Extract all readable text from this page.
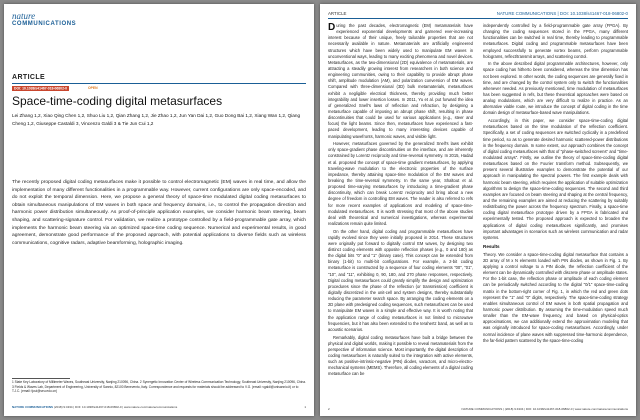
nature
COMMUNICATIONS
ARTICLE
DOI: 10.1038/s41467-018-06802-0	OPEN
Space-time-coding digital metasurfaces
Lei Zhang 1,2, Xiao Qing Chen 1,2, Shuo Liu 1,2, Qian Zhang 1,2, Jie Zhao 1,2, Jun Yan Dai 1,2, Guo Dong Bai 1,2, Xiang Wan 1,2, Qiang Cheng 1,2, Giuseppe Castaldi 3, Vincenzo Galdi 3 & Tie Jun Cui 1,2
The recently proposed digital coding metasurfaces make it possible to control electromagnetic (EM) waves in real time, and allow the implementation of many different functionalities in a programmable way. However, current configurations are only space-encoded, and do not exploit the temporal dimension. Here, we propose a general theory of space-time modulated digital coding metasurfaces to obtain simultaneous manipulations of EM waves in both space and frequency domains, i.e., to control the propagation direction and harmonic power distribution simultaneously. As proof-of-principle application examples, we consider harmonic beam steering, beam shaping, and scattering-signature control. For validation, we realize a prototype controlled by a field-programmable gate array, which implements the harmonic beam steering via an optimized space-time coding sequence. Numerical and experimental results, in good agreement, demonstrate good performance of the proposed approach, with potential applications to diverse fields such as wireless communications, cognitive radars, adaptive beamforming, holographic imaging.
1 State Key Laboratory of Millimeter Waves, Southeast University, Nanjing 210096, China. 2 Synergetic Innovation Center of Wireless Communication Technology, Southeast University, Nanjing 210096, China. 3 Fields & Waves Lab, Department of Engineering, University of Sannio, 82100 Benevento, Italy. Correspondence and requests for materials should be addressed to V.G. (email: vgaldi@unisannio.it) or to T.J.C. (email: tjcui@seu.edu.cn)
NATURE COMMUNICATIONS (2018) 9:4334 | DOI: 10.1038/s41467-018-06802-0 | www.nature.com/naturecommunications	1
ARTICLE	NATURE COMMUNICATIONS | DOI: 10.1038/s41467-018-06802-0

D uring the past decades, electromagnetic (EM) metamaterials have experienced exponential developments and garnered ever-increasing interest because of their unique, freely tailorable properties that are not necessarily available in nature. Metamaterials are artificially engineered structures which have been widely used to manipulate EM waves in unconventional ways, leading to many exciting phenomena and novel devices. Metasurfaces, as the two-dimensional (2D) equivalence of metamaterials, are attracting a steadily growing interest from researchers in both science and engineering communities, owing to their capability to provide abrupt phase shift, amplitude modulation (AM), and polarization conversion of EM waves. Compared with three-dimensional (3D) bulk metamaterials, metasurfaces exhibit a negligible electrical thickness, thereby providing much better integrability and lower insertion losses. In 2011, Yu et al. put forward the idea of generalized Snell's laws of reflection and refraction, by designing a metasurface capable of imposing an abrupt phase shift, resulting in phase discontinuities that could be used for various applications (e.g., steer and focus) the light beams. Since then, metasurfaces have experienced a fast-paced development, leading to many interesting devices capable of manipulating wavefronts, harmonic waves, and visible light.

However, metasurfaces governed by the generalized Snell's laws exhibit only space-gradient phase discontinuities on the interface, and are inherently constrained by Lorentz reciprocity and time-reversal symmetry. In 2015, Hadad et al. proposed the concept of space-time gradient metasurfaces, by applying traveling-wave modulation to the electronic properties of the surface impedance, thereby attaining space-time modulation of the EM waves and breaking the time-reversal symmetry. In the same year, Shaltout et al. proposed time-varying metasurfaces by introducing a time-gradient phase discontinuity, which can break Lorentz reciprocity and bring about a new degree of freedom in controlling EM waves. The reader is also referred to refs for more recent examples of applications and modeling of space-time-modulated metasurfaces. It is worth stressing that most of the above studies deal with theoretical and numerical investigations, whereas experimental realizations remain quite limited.

On the other hand, digital coding and programmable metasurfaces have rapidly evolved since they were initially proposed in 2014. These structures were originally put forward to digitally control EM waves, by designing two distinct coding elements with opposite reflection phases (e.g., 0 and 180) as the digital bits "0" and "1" (binary case). This concept can be extended from binary (1-bit) to multi-bit configurations. For example, a 2-bit coding metasurface is constructed by a sequence of four coding elements "00", "01", "10", and "11", exhibiting 0, 90, 180, and 270 phase responses, respectively. Digital coding metasurfaces could greatly simplify the design and optimization procedures since the phase of the reflection (or transmission) coefficient is digitally discretized in the unit-cell and system designs, thereby substantially reducing the parameter search space. By arranging the coding elements on a 2D plane with predesigned coding sequences, such metasurfaces can be used to manipulate EM waves in a simple and effective way. It is worth noting that the application range of coding metasurfaces is not limited to microwave frequencies, but it has also been extended to the terahertz band, as well as to acoustic scenarios.

Remarkably, digital coding metasurfaces have built a bridge between the physical and digital worlds, making it possible to reveal metamaterials from the perspective of information science. Most importantly, the digital description of coding metasurfaces is naturally suited to the integration with active elements, such as positive-intrinsic-negative (PIN) diodes, varactors, and micro-electro-mechanical systems (MEMS). Therefore, all coding elements of a digital coding metasurface can be

independently controlled by a field-programmable gate array (FPGA). By changing the coding sequences stored in the FPGA, many different functionalities can be switched in real time, thereby leading to programmable metasurfaces. Digital coding and programmable metasurfaces have been employed successfully to generate vortex beams, perform programmable holograms, reflect/transmit arrays, and scattering control.

In the above described digital programmable architectures, however, only space coding has hitherto been considered, whereas the time dimension has not been explored. In other words, the coding sequences are generally fixed in time, and are changed by the control system only to switch the functionalities whenever needed. As previously mentioned, time modulation of metasurfaces has been suggested in refs, but these theoretical approaches were based on analog modulations, which are very difficult to realize in practice. As an alternative viable route, we introduce the concept of digital coding in the time domain design of metasurface-based wave manipulations.

Accordingly, in this paper, we consider space-time-coding digital metasurfaces based on the time modulation of the reflection coefficient. Specifically, a set of coding sequences are switched cyclically in a predefined time period, so as to generate desired harmonic scattered-power distributions in the frequency domain. In some extent, our approach combines the concept of digital coding metasurfaces with that of "phase-switched screens" and "time-modulated arrays". Firstly, we outline the theory of space-time-coding digital metasurfaces based on the Fourier transform method. Subsequently, we present several illustrative examples to demonstrate the potential of our approach in manipulating the spectral powers. The first example deals with harmonic beam steering, which requires the application of suitable optimization algorithms to design the space-time-coding sequences. The second and third examples are focused on beam steering and shaping at the central frequency, and the remaining examples are aimed at reducing the scattering by suitably redistributing the power across the frequency spectrum. Finally, a space-time coding digital metasurface prototype driven by a FPGA is fabricated and experimentally tested. The proposed approach is expected to broaden the applications of digital coding metasurfaces significantly, and promises important advantages in scenarios such as wireless communication and radar systems.

Results

Theory. We consider a space-time-coding digital metasurface that contains a 2D array of M x N elements loaded with PIN diodes, as shown in Fig. 1. By applying a control voltage to a PIN diode, the reflection coefficient of the element can be dynamically controlled with discrete phase or amplitude states. For the 1-bit case, the reflection phase or amplitude of each coding element can be periodically switched according to the digital "0/1" space-time-coding matrix in the bottom-right corner of Fig. 1, in which the red and green dots represent the "1" and "0" digits, respectively. The space-time-coding strategy enables simultaneous control of EM waves in both spatial propagation and harmonic power distribution. By assuming the time-modulation speed much smaller than the EM-wave frequency, and based on physical-optics approximations, we can additionally extend the approximation modeling that was originally introduced for space-coding metasurfaces. Accordingly, under normal incidence of plane waves with suppressed time-harmonic dependence, the far-field pattern scattered by the space-time-coding

2	NATURE COMMUNICATIONS | (2018) 9:4334 | DOI: 10.1038/s41467-018-06802-0 | www.nature.com/naturecommunications
